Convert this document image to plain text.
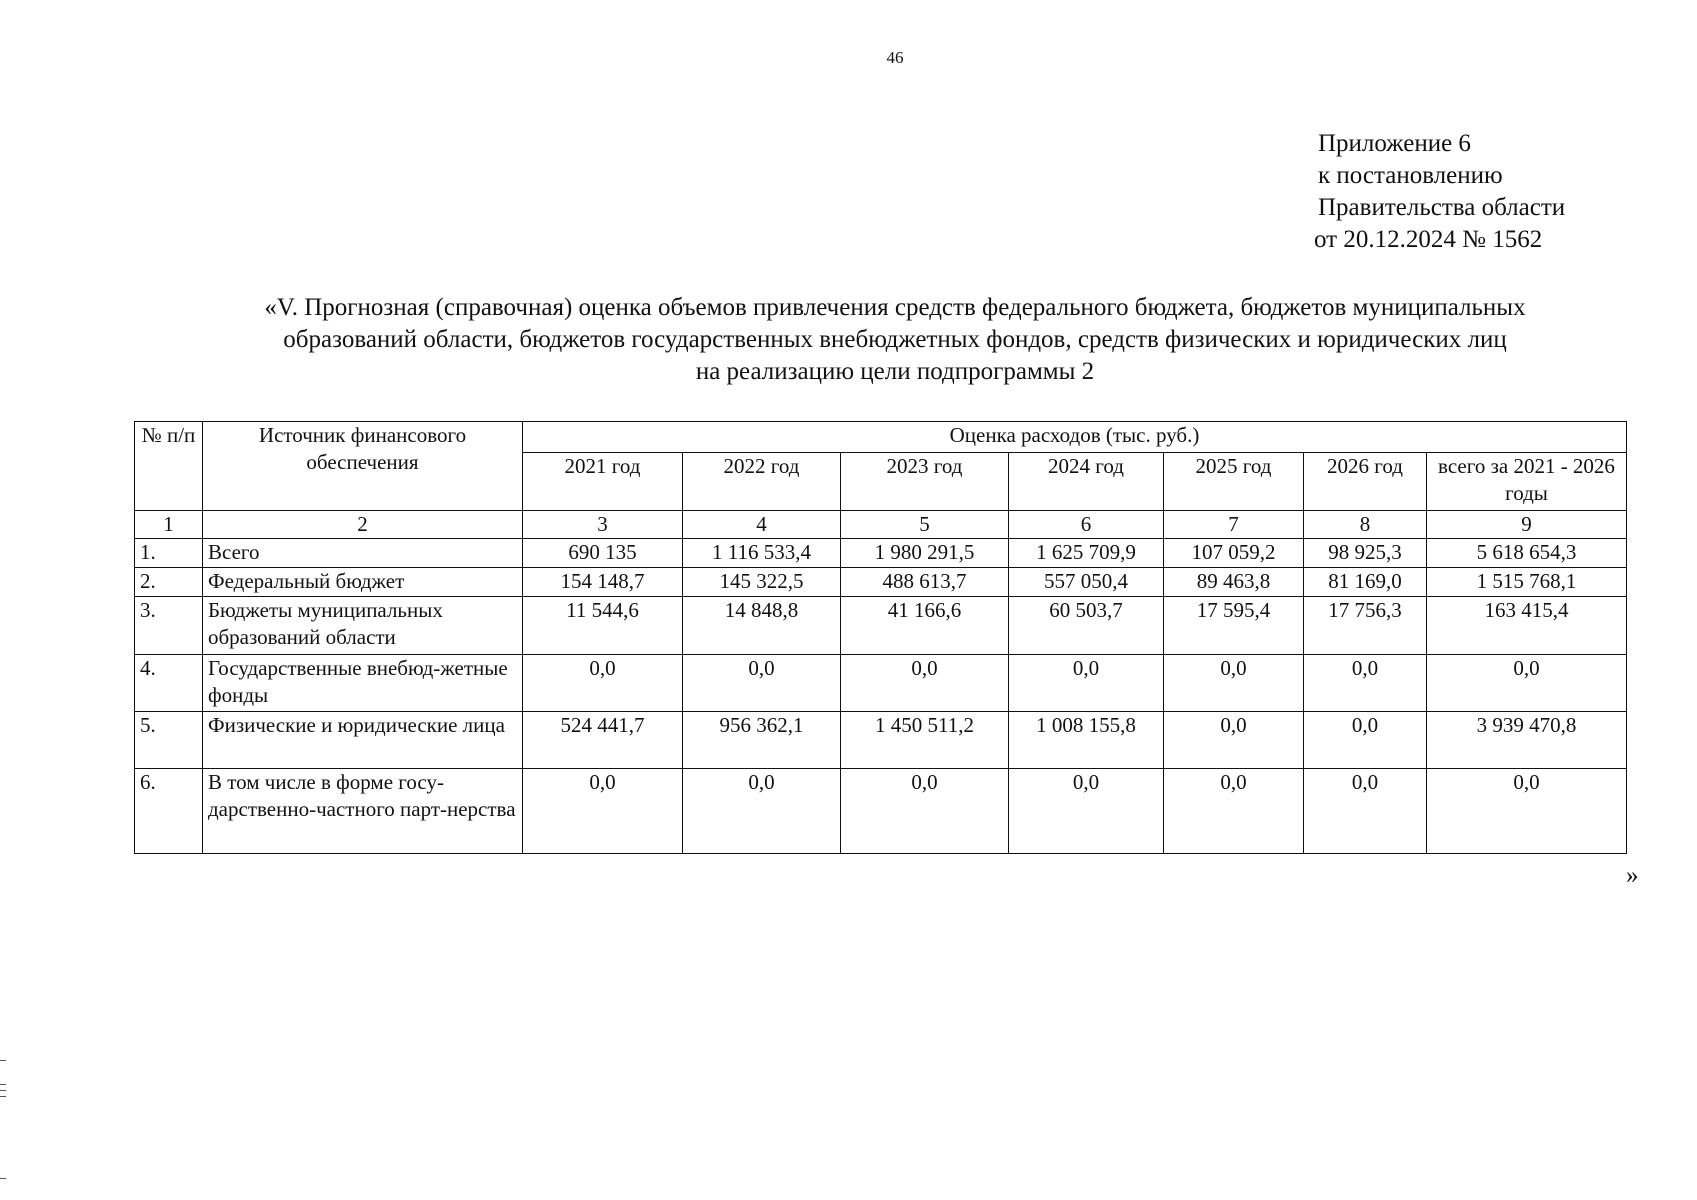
46
Приложение 6
к постановлению
Правительства области
от 20.12.2024 № 1562
«V. Прогнозная (справочная) оценка объемов привлечения средств федерального бюджета, бюджетов муниципальных
образований области, бюджетов государственных внебюджетных фондов, средств физических и юридических лиц
на реализацию цели подпрограммы 2
№ п/п	Источник финансового обеспечения	Оценка расходов (тыс. руб.)						
		2021 год	2022 год	2023 год	2024 год	2025 год	2026 год	всего за 2021 - 2026 годы
1	2	3	4	5	6	7	8	9
1.	Всего	690 135	1 116 533,4	1 980 291,5	1 625 709,9	107 059,2	98 925,3	5 618 654,3
2.	Федеральный бюджет	154 148,7	145 322,5	488 613,7	557 050,4	89 463,8	81 169,0	1 515 768,1
3.	Бюджеты муниципальных образований области	11 544,6	14 848,8	41 166,6	60 503,7	17 595,4	17 756,3	163 415,4
4.	Государственные внебюд-жетные фонды	0,0	0,0	0,0	0,0	0,0	0,0	0,0
5.	Физические и юридические лица	524 441,7	956 362,1	1 450 511,2	1 008 155,8	0,0	0,0	3 939 470,8
6.	В том числе в форме госу-дарственно-частного парт-нерства	0,0	0,0	0,0	0,0	0,0	0,0	0,0
»
